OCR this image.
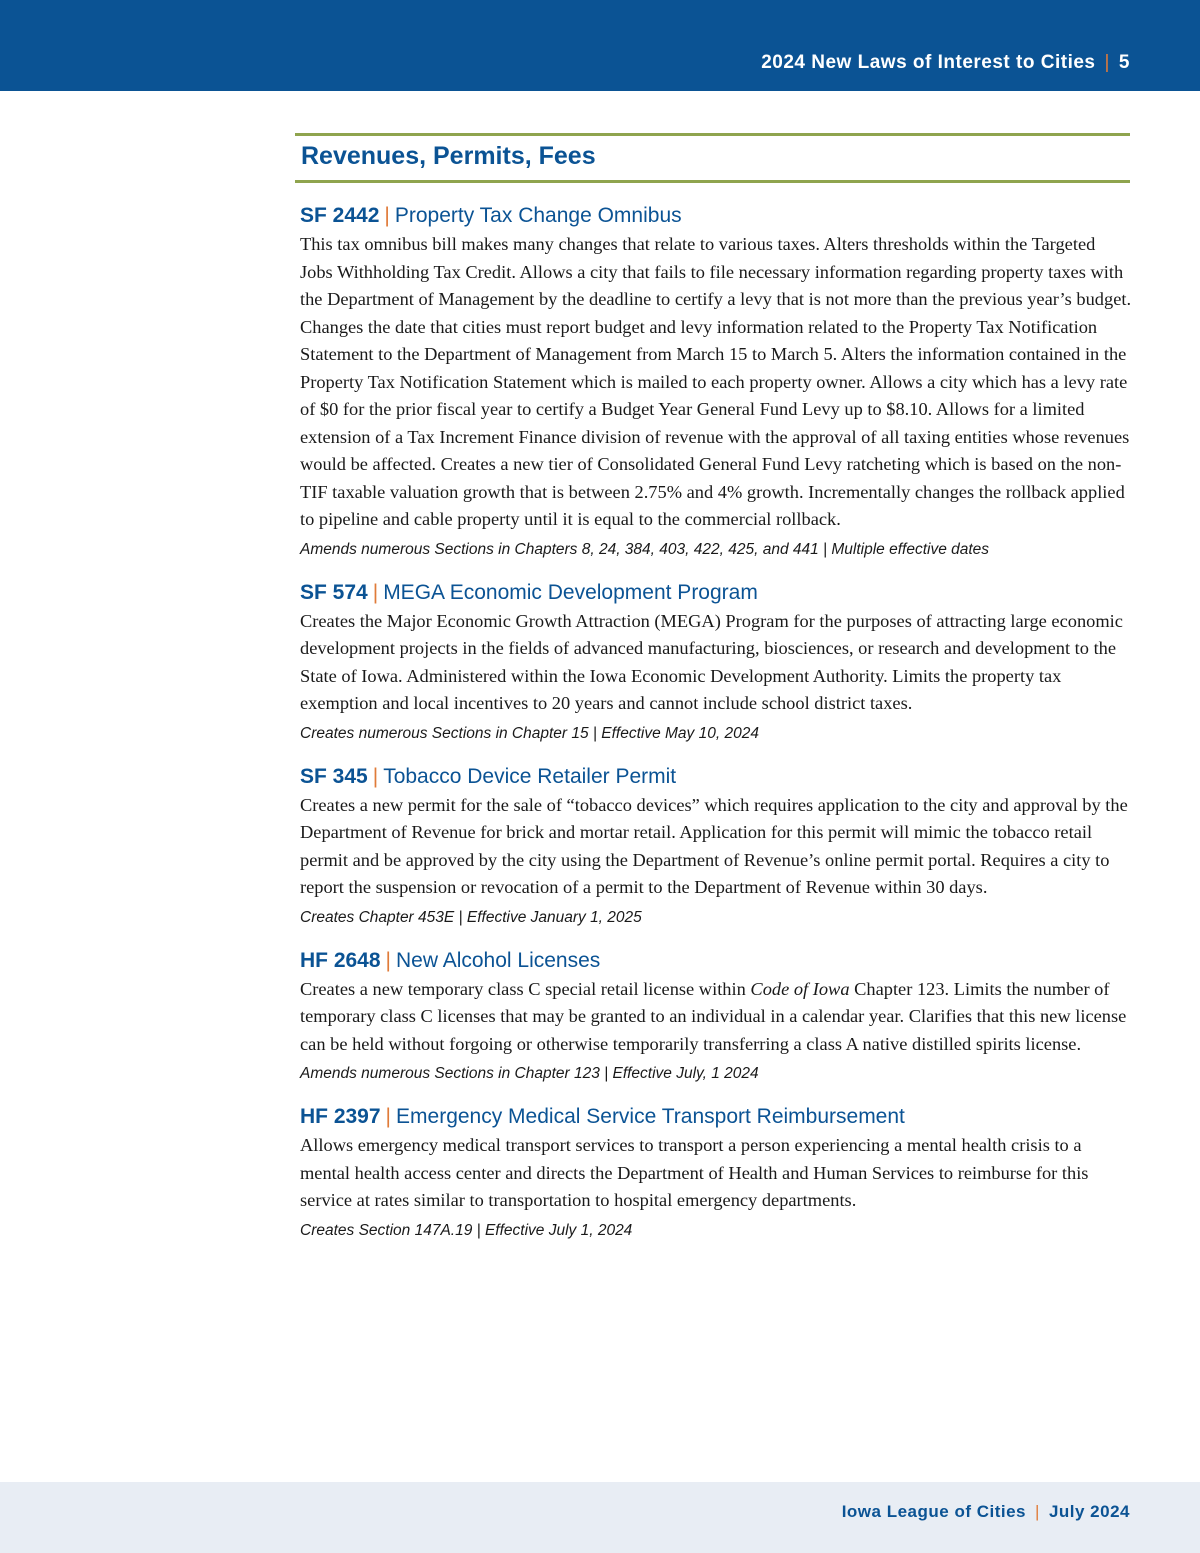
2024 New Laws of Interest to Cities | 5
Revenues, Permits, Fees
SF 2442 | Property Tax Change Omnibus

This tax omnibus bill makes many changes that relate to various taxes. Alters thresholds within the Targeted Jobs Withholding Tax Credit. Allows a city that fails to file necessary information regarding property taxes with the Department of Management by the deadline to certify a levy that is not more than the previous year’s budget. Changes the date that cities must report budget and levy information related to the Property Tax Notification Statement to the Department of Management from March 15 to March 5. Alters the information contained in the Property Tax Notification Statement which is mailed to each property owner. Allows a city which has a levy rate of $0 for the prior fiscal year to certify a Budget Year General Fund Levy up to $8.10. Allows for a limited extension of a Tax Increment Finance division of revenue with the approval of all taxing entities whose revenues would be affected. Creates a new tier of Consolidated General Fund Levy ratcheting which is based on the non-TIF taxable valuation growth that is between 2.75% and 4% growth. Incrementally changes the rollback applied to pipeline and cable property until it is equal to the commercial rollback.

Amends numerous Sections in Chapters 8, 24, 384, 403, 422, 425, and 441 | Multiple effective dates
SF 574 | MEGA Economic Development Program

Creates the Major Economic Growth Attraction (MEGA) Program for the purposes of attracting large economic development projects in the fields of advanced manufacturing, biosciences, or research and development to the State of Iowa. Administered within the Iowa Economic Development Authority. Limits the property tax exemption and local incentives to 20 years and cannot include school district taxes.

Creates numerous Sections in Chapter 15 | Effective May 10, 2024
SF 345 | Tobacco Device Retailer Permit

Creates a new permit for the sale of “tobacco devices” which requires application to the city and approval by the Department of Revenue for brick and mortar retail. Application for this permit will mimic the tobacco retail permit and be approved by the city using the Department of Revenue’s online permit portal. Requires a city to report the suspension or revocation of a permit to the Department of Revenue within 30 days.

Creates Chapter 453E | Effective January 1, 2025
HF 2648 | New Alcohol Licenses

Creates a new temporary class C special retail license within Code of Iowa Chapter 123. Limits the number of temporary class C licenses that may be granted to an individual in a calendar year. Clarifies that this new license can be held without forgoing or otherwise temporarily transferring a class A native distilled spirits license.

Amends numerous Sections in Chapter 123 | Effective July, 1 2024
HF 2397 | Emergency Medical Service Transport Reimbursement

Allows emergency medical transport services to transport a person experiencing a mental health crisis to a mental health access center and directs the Department of Health and Human Services to reimburse for this service at rates similar to transportation to hospital emergency departments.

Creates Section 147A.19 | Effective July 1, 2024
Iowa League of Cities | July 2024
